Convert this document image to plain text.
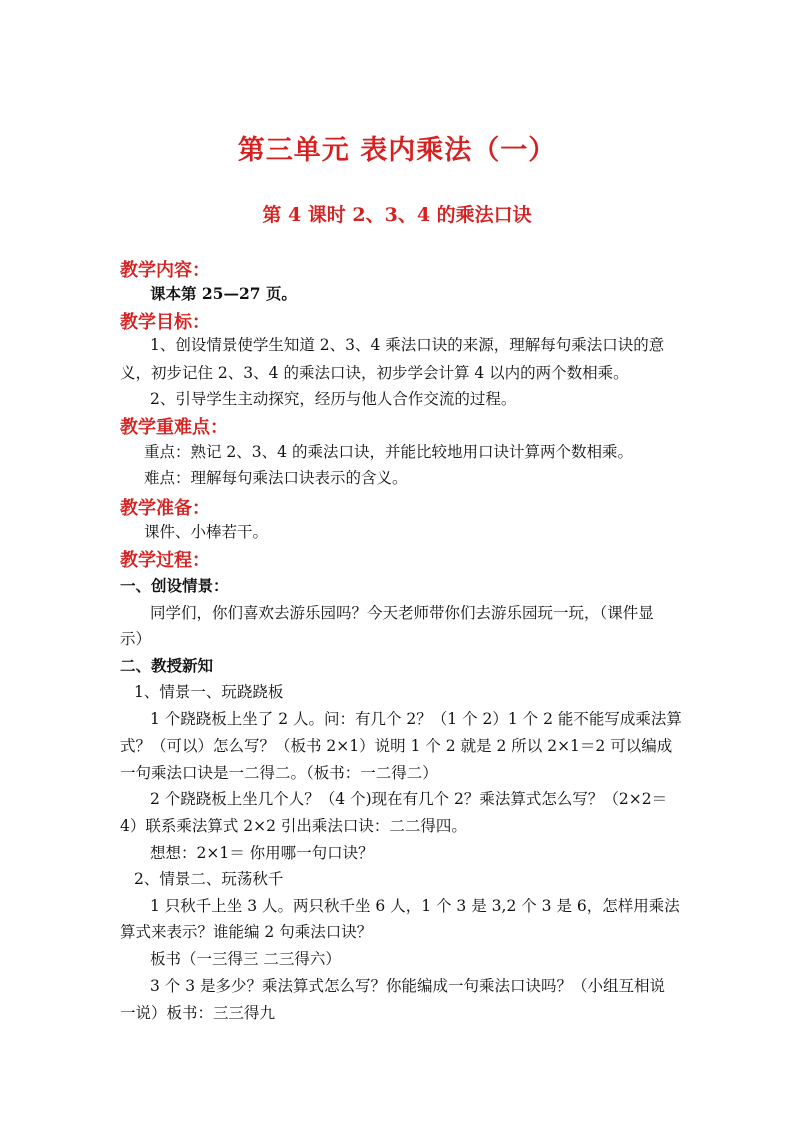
第三单元 表内乘法（一）
第 4 课时 2、3、4 的乘法口诀
教学内容：
课本第 25—27 页。
教学目标：
1、创设情景使学生知道 2、3、4 乘法口诀的来源，理解每句乘法口诀的意
义，初步记住 2、3、4 的乘法口诀，初步学会计算 4 以内的两个数相乘。
2、引导学生主动探究，经历与他人合作交流的过程。
教学重难点：
重点：熟记 2、3、4 的乘法口诀，并能比较地用口诀计算两个数相乘。
难点：理解每句乘法口诀表示的含义。
教学准备：
课件、小棒若干。
教学过程：
一、创设情景：
同学们，你们喜欢去游乐园吗？今天老师带你们去游乐园玩一玩，（课件显
示）
二、教授新知
1、情景一、玩跷跷板
1 个跷跷板上坐了 2 人。问：有几个 2？（1 个 2）1 个 2 能不能写成乘法算
式？（可以）怎么写？（板书 2×1）说明 1 个 2 就是 2 所以 2×1＝2 可以编成
一句乘法口诀是一二得二。（板书：一二得二）
2 个跷跷板上坐几个人？（4 个)现在有几个 2？乘法算式怎么写？（2×2＝
4）联系乘法算式 2×2 引出乘法口诀：二二得四。
想想：2×1＝ 你用哪一句口诀？
2、情景二、玩荡秋千
1 只秋千上坐 3 人。两只秋千坐 6 人，1 个 3 是 3,2 个 3 是 6，怎样用乘法
算式来表示？谁能编 2 句乘法口诀？
板书（一三得三 二三得六）
3 个 3 是多少？乘法算式怎么写？你能编成一句乘法口诀吗？（小组互相说
一说）板书：三三得九
